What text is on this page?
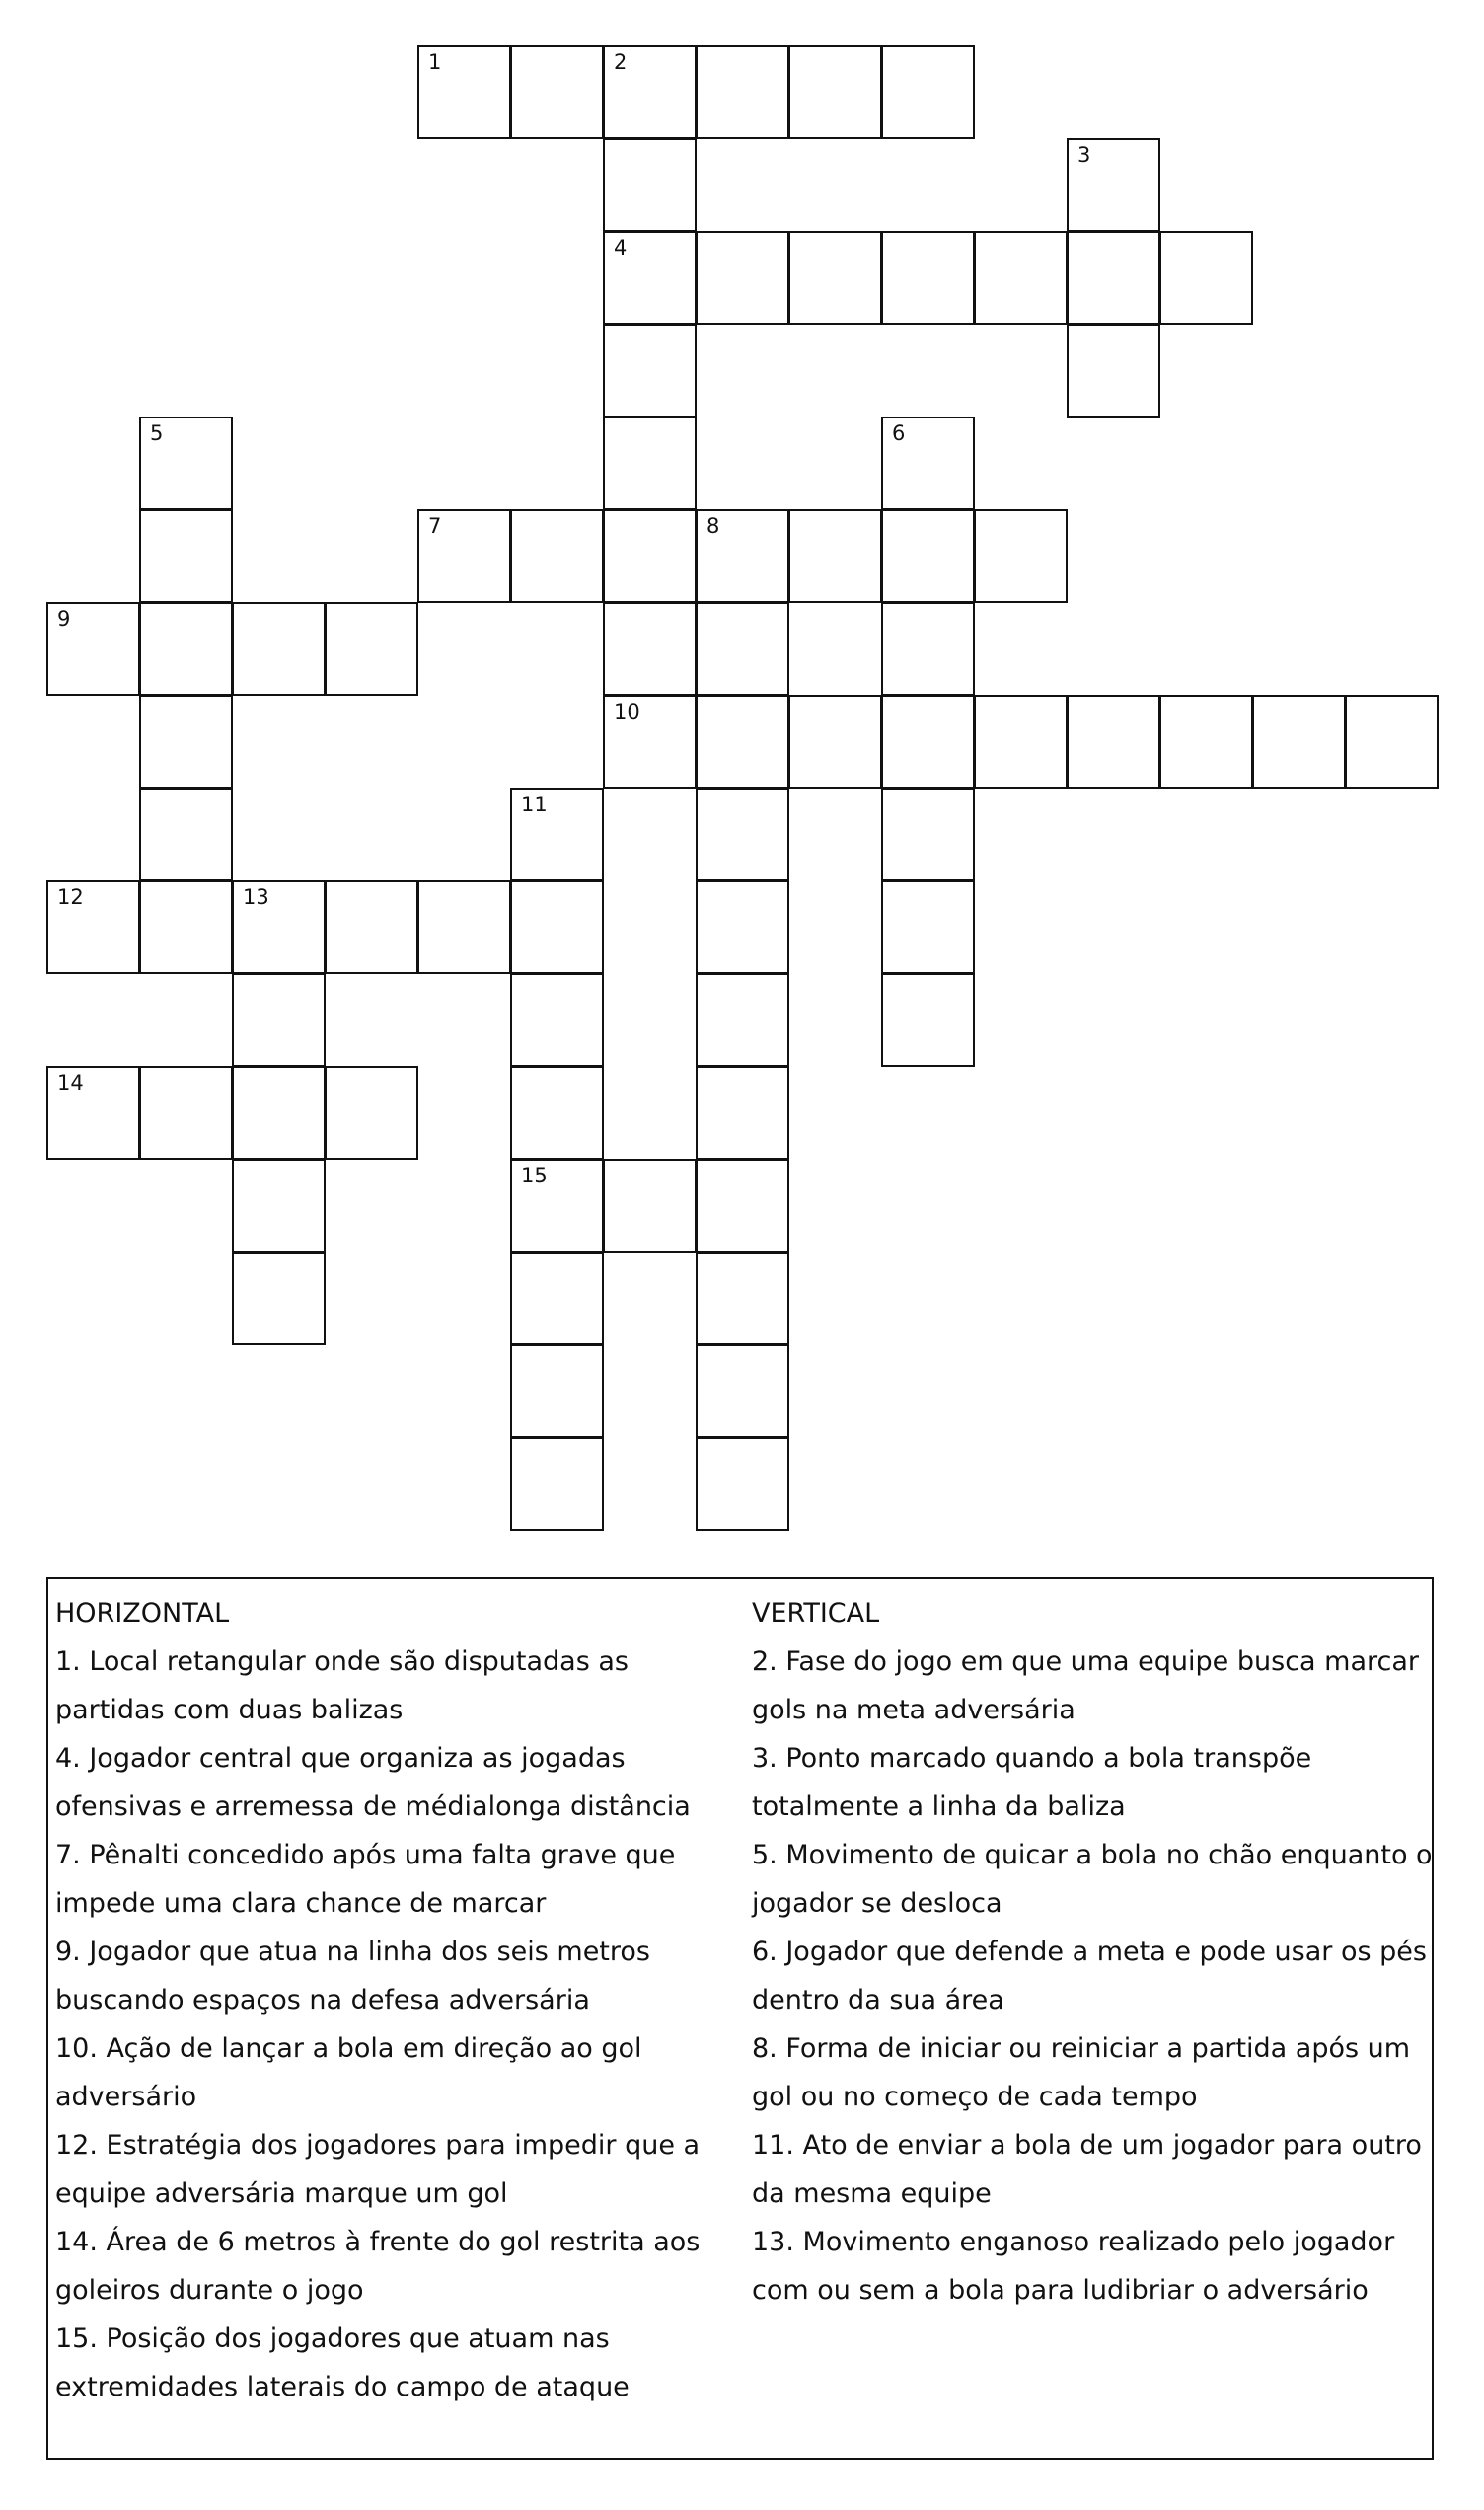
1	2
3
4
5	6
7	8
9
10
11
12	13
14
15

HORIZONTAL

1. Local retangular onde são disputadas as partidas com duas balizas

4. Jogador central que organiza as jogadas ofensivas e arremessa de médialonga distância

7. Pênalti concedido após uma falta grave que impede uma clara chance de marcar

9. Jogador que atua na linha dos seis metros buscando espaços na defesa adversária

10. Ação de lançar a bola em direção ao gol adversário

12. Estratégia dos jogadores para impedir que a equipe adversária marque um gol

14. Área de 6 metros à frente do gol restrita aos goleiros durante o jogo

15. Posição dos jogadores que atuam nas extremidades laterais do campo de ataque

VERTICAL

2. Fase do jogo em que uma equipe busca marcar gols na meta adversária

3. Ponto marcado quando a bola transpõe totalmente a linha da baliza

5. Movimento de quicar a bola no chão enquanto o jogador se desloca

6. Jogador que defende a meta e pode usar os pés dentro da sua área

8. Forma de iniciar ou reiniciar a partida após um gol ou no começo de cada tempo

11. Ato de enviar a bola de um jogador para outro da mesma equipe

13. Movimento enganoso realizado pelo jogador com ou sem a bola para ludibriar o adversário
